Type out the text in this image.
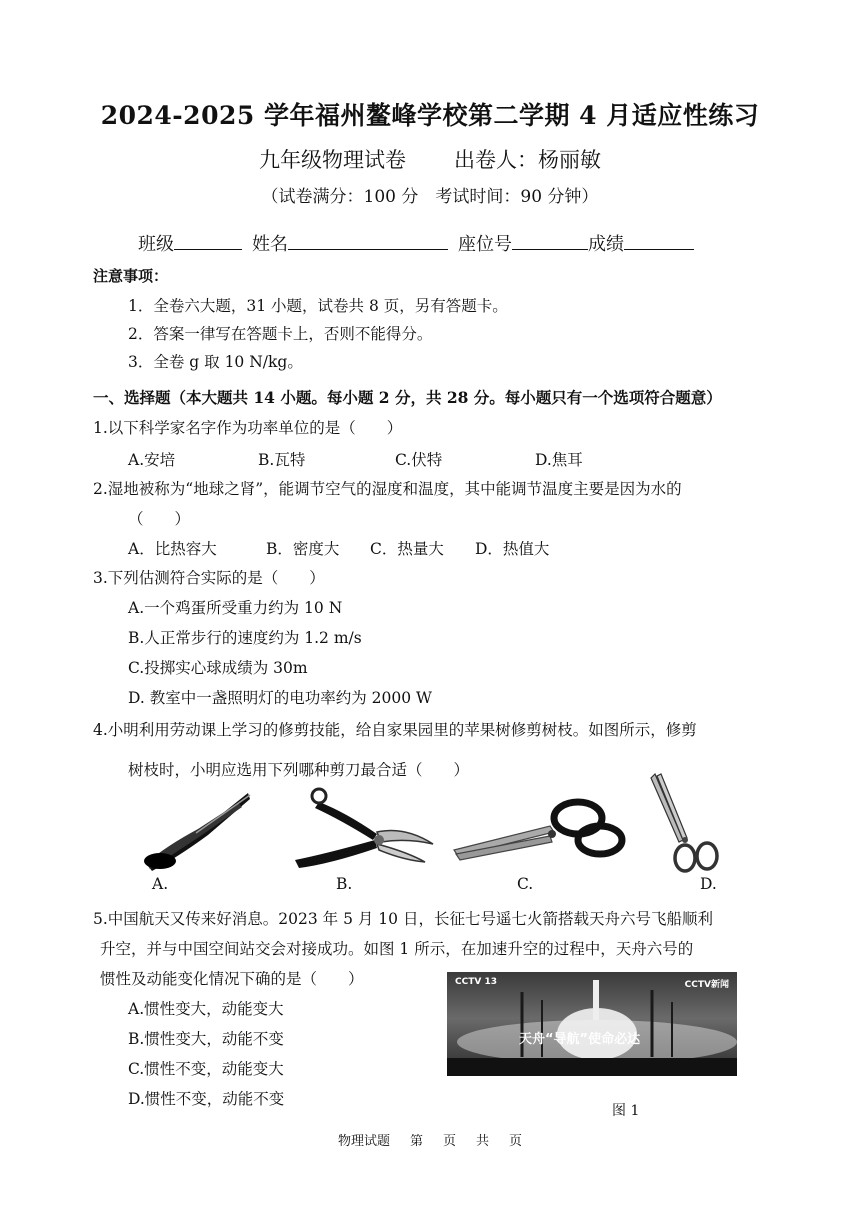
2024-2025 学年福州鳌峰学校第二学期 4 月适应性练习
九年级物理试卷 出卷人：杨丽敏
（试卷满分：100 分　考试时间：90 分钟）
班级	姓名	座位号	成绩
注意事项：
1．全卷六大题，31 小题，试卷共 8 页，另有答题卡。
2．答案一律写在答题卡上，否则不能得分。
3．全卷 g 取 10 N/kg。
一、选择题（本大题共 14 小题。每小题 2 分，共 28 分。每小题只有一个选项符合题意）
1.以下科学家名字作为功率单位的是（　　）
A.安培	B.瓦特	C.伏特	D.焦耳
2.湿地被称为“地球之肾”，能调节空气的湿度和温度，其中能调节温度主要是因为水的
（　　）
A．比热容大	B．密度大 C．热量大 D．热值大
3.下列估测符合实际的是（　　）
A.一个鸡蛋所受重力约为 10 N
B.人正常步行的速度约为 1.2 m/s
C.投掷实心球成绩为 30m
D. 教室中一盏照明灯的电功率约为 2000 W
4.小明利用劳动课上学习的修剪技能，给自家果园里的苹果树修剪树枝。如图所示，修剪
树枝时，小明应选用下列哪种剪刀最合适（　　）
A.	B.	C.	D.
5.中国航天又传来好消息。2023 年 5 月 10 日，长征七号遥七火箭搭载天舟六号飞船顺利
升空，并与中国空间站交会对接成功。如图 1 所示，在加速升空的过程中，天舟六号的
惯性及动能变化情况下确的是（　　）
A.惯性变大，动能变大
B.惯性变大，动能不变
C.惯性不变，动能变大
D.惯性不变，动能不变
CCTV 13	CCTV新闻
天舟“导航”使命必达
图 1
物理试题 第 页 共 页
